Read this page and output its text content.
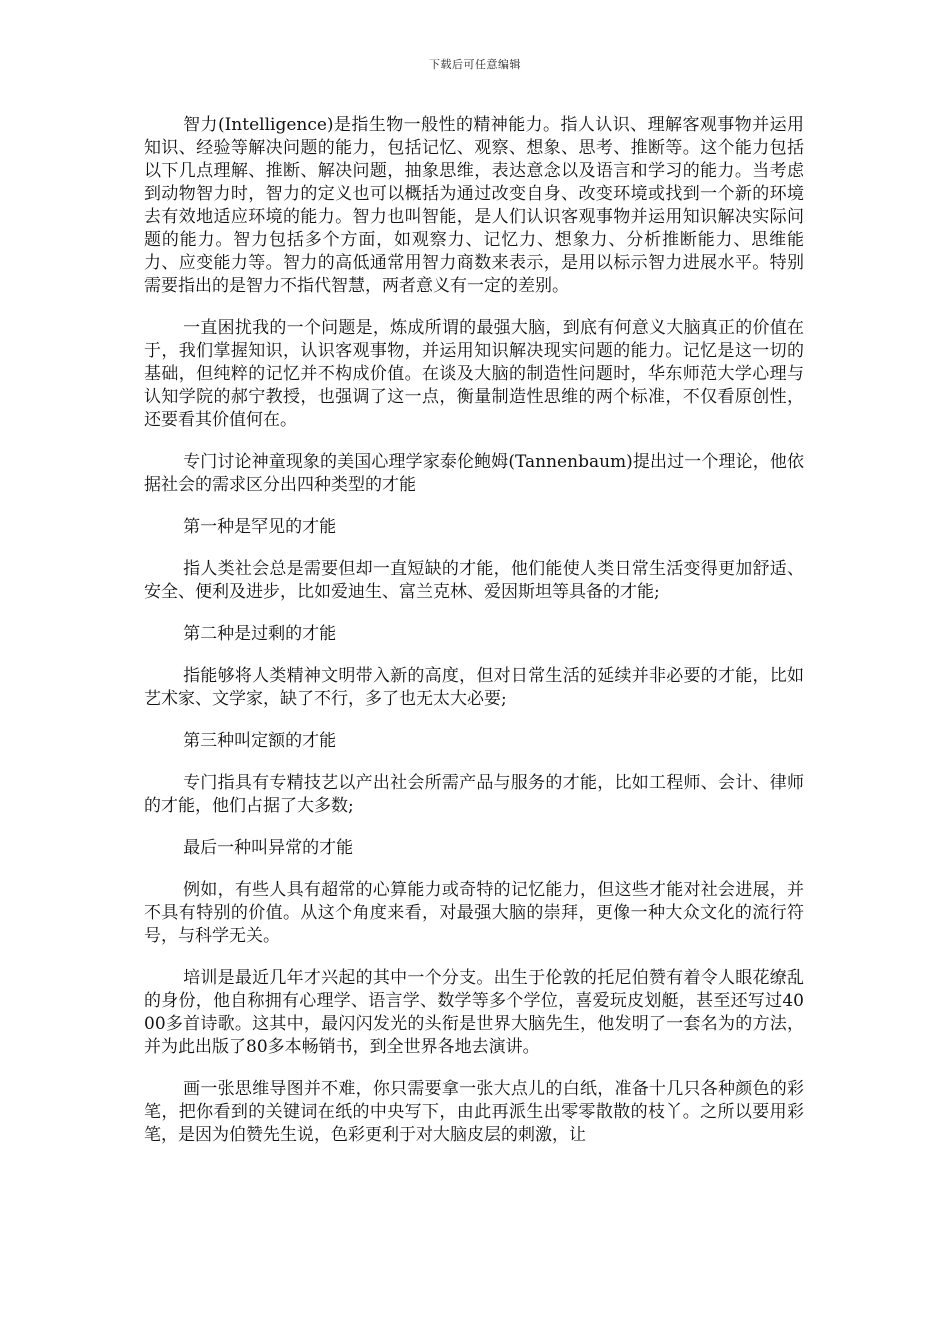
下载后可任意编辑

智力(Intelligence)是指生物一般性的精神能力。指人认识、理解客观事物并运用知识、经验等解决问题的能力，包括记忆、观察、想象、思考、推断等。这个能力包括以下几点理解、推断、解决问题，抽象思维，表达意念以及语言和学习的能力。当考虑到动物智力时，智力的定义也可以概括为通过改变自身、改变环境或找到一个新的环境去有效地适应环境的能力。智力也叫智能，是人们认识客观事物并运用知识解决实际问题的能力。智力包括多个方面，如观察力、记忆力、想象力、分析推断能力、思维能力、应变能力等。智力的高低通常用智力商数来表示，是用以标示智力进展水平。特别需要指出的是智力不指代智慧，两者意义有一定的差别。

一直困扰我的一个问题是，炼成所谓的最强大脑，到底有何意义大脑真正的价值在于，我们掌握知识，认识客观事物，并运用知识解决现实问题的能力。记忆是这一切的基础，但纯粹的记忆并不构成价值。在谈及大脑的制造性问题时，华东师范大学心理与认知学院的郝宁教授，也强调了这一点，衡量制造性思维的两个标准，不仅看原创性，还要看其价值何在。

专门讨论神童现象的美国心理学家泰伦鲍姆(Tannenbaum)提出过一个理论，他依据社会的需求区分出四种类型的才能

第一种是罕见的才能

指人类社会总是需要但却一直短缺的才能，他们能使人类日常生活变得更加舒适、安全、便利及进步，比如爱迪生、富兰克林、爱因斯坦等具备的才能;

第二种是过剩的才能

指能够将人类精神文明带入新的高度，但对日常生活的延续并非必要的才能，比如艺术家、文学家，缺了不行，多了也无太大必要;

第三种叫定额的才能

专门指具有专精技艺以产出社会所需产品与服务的才能，比如工程师、会计、律师的才能，他们占据了大多数;

最后一种叫异常的才能

例如，有些人具有超常的心算能力或奇特的记忆能力，但这些才能对社会进展，并不具有特别的价值。从这个角度来看，对最强大脑的崇拜，更像一种大众文化的流行符号，与科学无关。

培训是最近几年才兴起的其中一个分支。出生于伦敦的托尼伯赞有着令人眼花缭乱的身份，他自称拥有心理学、语言学、数学等多个学位，喜爱玩皮划艇，甚至还写过4000多首诗歌。这其中，最闪闪发光的头衔是世界大脑先生，他发明了一套名为的方法，并为此出版了80多本畅销书，到全世界各地去演讲。

画一张思维导图并不难，你只需要拿一张大点儿的白纸，准备十几只各种颜色的彩笔，把你看到的关键词在纸的中央写下，由此再派生出零零散散的枝丫。之所以要用彩笔，是因为伯赞先生说，色彩更利于对大脑皮层的刺激，让
